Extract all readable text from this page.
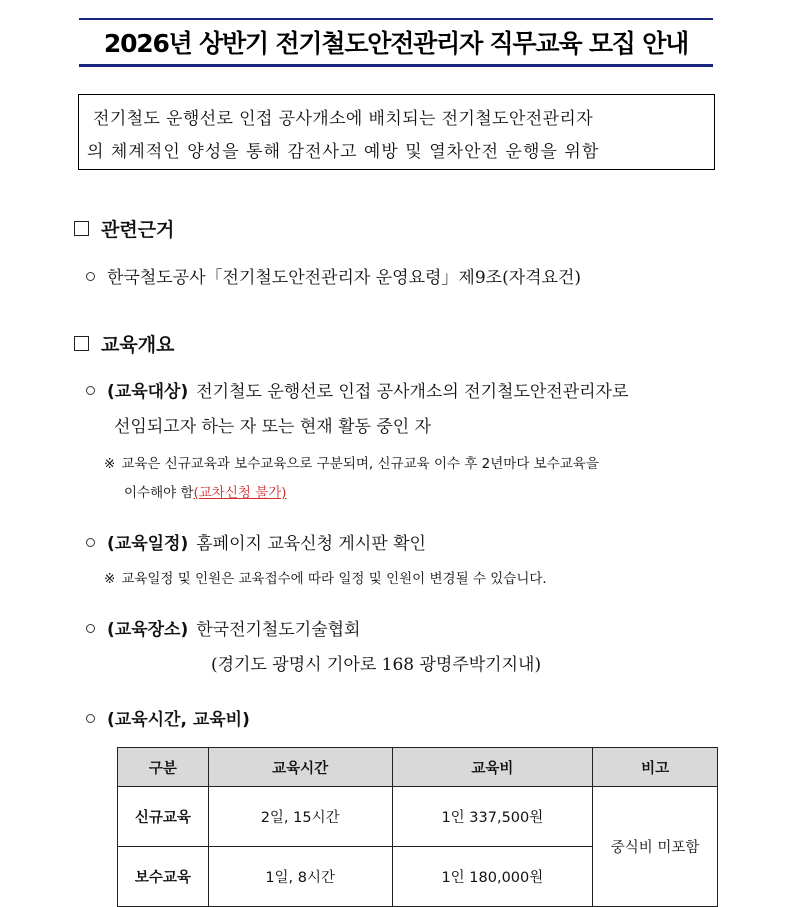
2026년 상반기 전기철도안전관리자 직무교육 모집 안내
전기철도 운행선로 인접 공사개소에 배치되는 전기철도안전관리자
의 체계적인 양성을 통해 감전사고 예방 및 열차안전 운행을 위함
관련근거
한국철도공사「전기철도안전관리자 운영요령」제9조(자격요건)
교육개요
(교육대상) 전기철도 운행선로 인접 공사개소의 전기철도안전관리자로
선임되고자 하는 자 또는 현재 활동 중인 자
※ 교육은 신규교육과 보수교육으로 구분되며, 신규교육 이수 후 2년마다 보수교육을
이수해야 함(교차신청 불가)
(교육일정) 홈페이지 교육신청 게시판 확인
※ 교육일정 및 인원은 교육접수에 따라 일정 및 인원이 변경될 수 있습니다.
(교육장소) 한국전기철도기술협회
(경기도 광명시 기아로 168 광명주박기지내)
(교육시간, 교육비)
구분	교육시간	교육비	비고
신규교육	2일, 15시간	1인 337,500원	중식비 미포함
보수교육	1일, 8시간	1인 180,000원	
